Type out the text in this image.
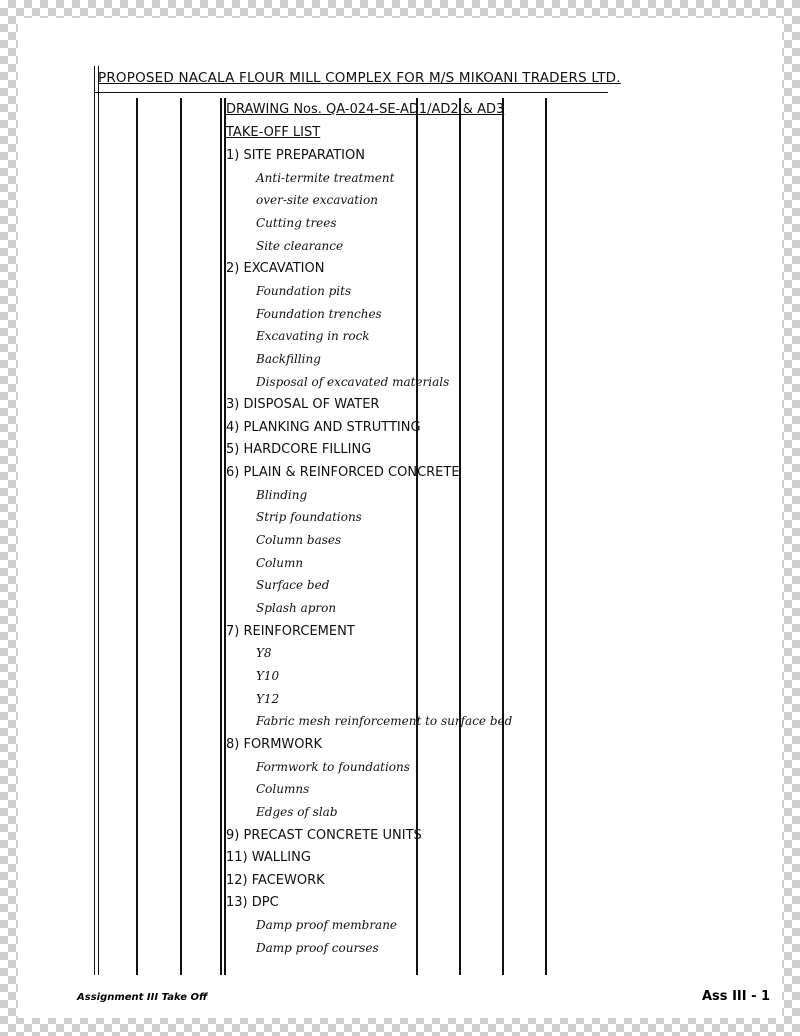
PROPOSED NACALA FLOUR MILL COMPLEX FOR M/S MIKOANI TRADERS LTD.
DRAWING Nos. QA-024-SE-AD1/AD2 & AD3
TAKE-OFF LIST
1) SITE PREPARATION
Anti-termite treatment
over-site excavation
Cutting trees
Site clearance
2) EXCAVATION
Foundation pits
Foundation trenches
Excavating in rock
Backfilling
Disposal of excavated materials
3) DISPOSAL OF WATER
4) PLANKING AND STRUTTING
5) HARDCORE FILLING
6) PLAIN & REINFORCED CONCRETE
Blinding
Strip foundations
Column bases
Column
Surface bed
Splash apron
7) REINFORCEMENT
Y8
Y10
Y12
Fabric mesh reinforcement to surface bed
8) FORMWORK
Formwork to foundations
Columns
Edges of slab
9) PRECAST CONCRETE UNITS
11) WALLING
12) FACEWORK
13) DPC
Damp proof membrane
Damp proof courses
Assignment III Take Off	Ass III - 1
